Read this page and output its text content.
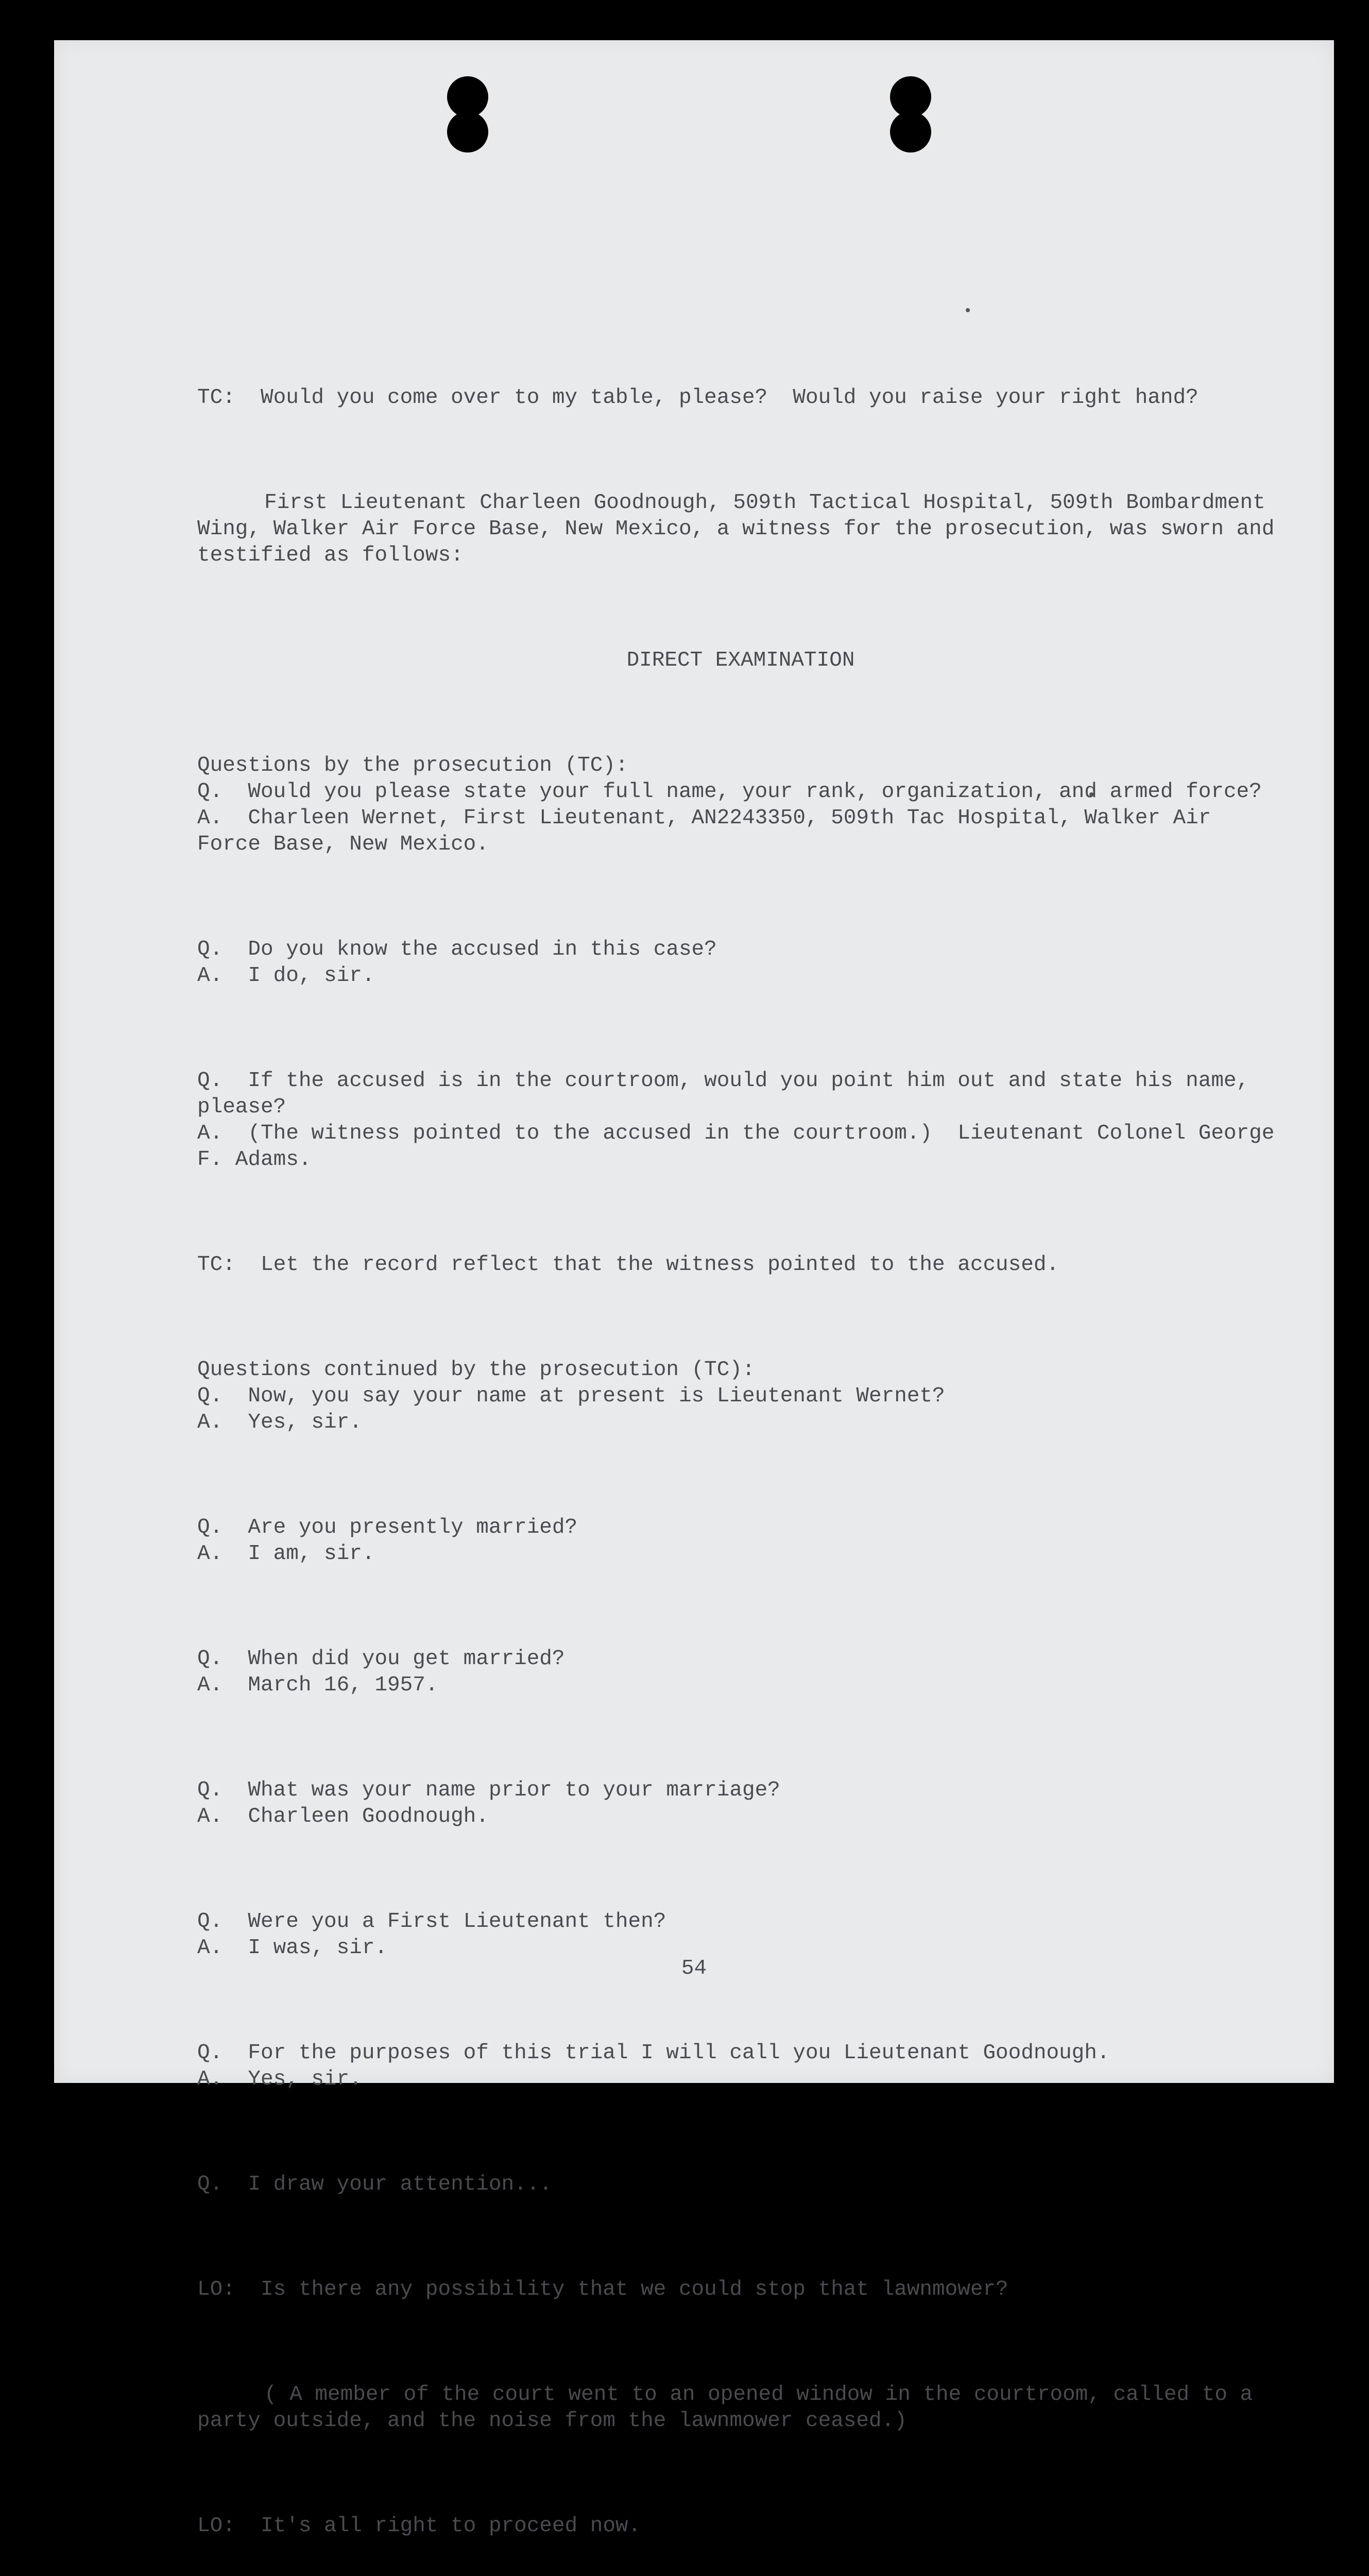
TC:  Would you come over to my table, please?  Would you raise your right hand?

First Lieutenant Charleen Goodnough, 509th Tactical Hospital, 509th Bombardment Wing, Walker Air Force Base, New Mexico, a witness for the prosecution, was sworn and testified as follows:

DIRECT EXAMINATION

Questions by the prosecution (TC):
Q.  Would you please state your full name, your rank, organization, and armed force?
A.  Charleen Wernet, First Lieutenant, AN2243350, 509th Tac Hospital, Walker Air Force Base, New Mexico.

Q.  Do you know the accused in this case?
A.  I do, sir.

Q.  If the accused is in the courtroom, would you point him out and state his name, please?
A.  (The witness pointed to the accused in the courtroom.)  Lieutenant Colonel George F. Adams.

TC:  Let the record reflect that the witness pointed to the accused.

Questions continued by the prosecution (TC):
Q.  Now, you say your name at present is Lieutenant Wernet?
A.  Yes, sir.

Q.  Are you presently married?
A.  I am, sir.

Q.  When did you get married?
A.  March 16, 1957.

Q.  What was your name prior to your marriage?
A.  Charleen Goodnough.

Q.  Were you a First Lieutenant then?
A.  I was, sir.

Q.  For the purposes of this trial I will call you Lieutenant Goodnough.
A.  Yes, sir.

Q.  I draw your attention...

LO:  Is there any possibility that we could stop that lawnmower?

( A member of the court went to an opened window in the courtroom, called to a party outside, and the noise from the lawnmower ceased.)

LO:  It's all right to proceed now.

54
